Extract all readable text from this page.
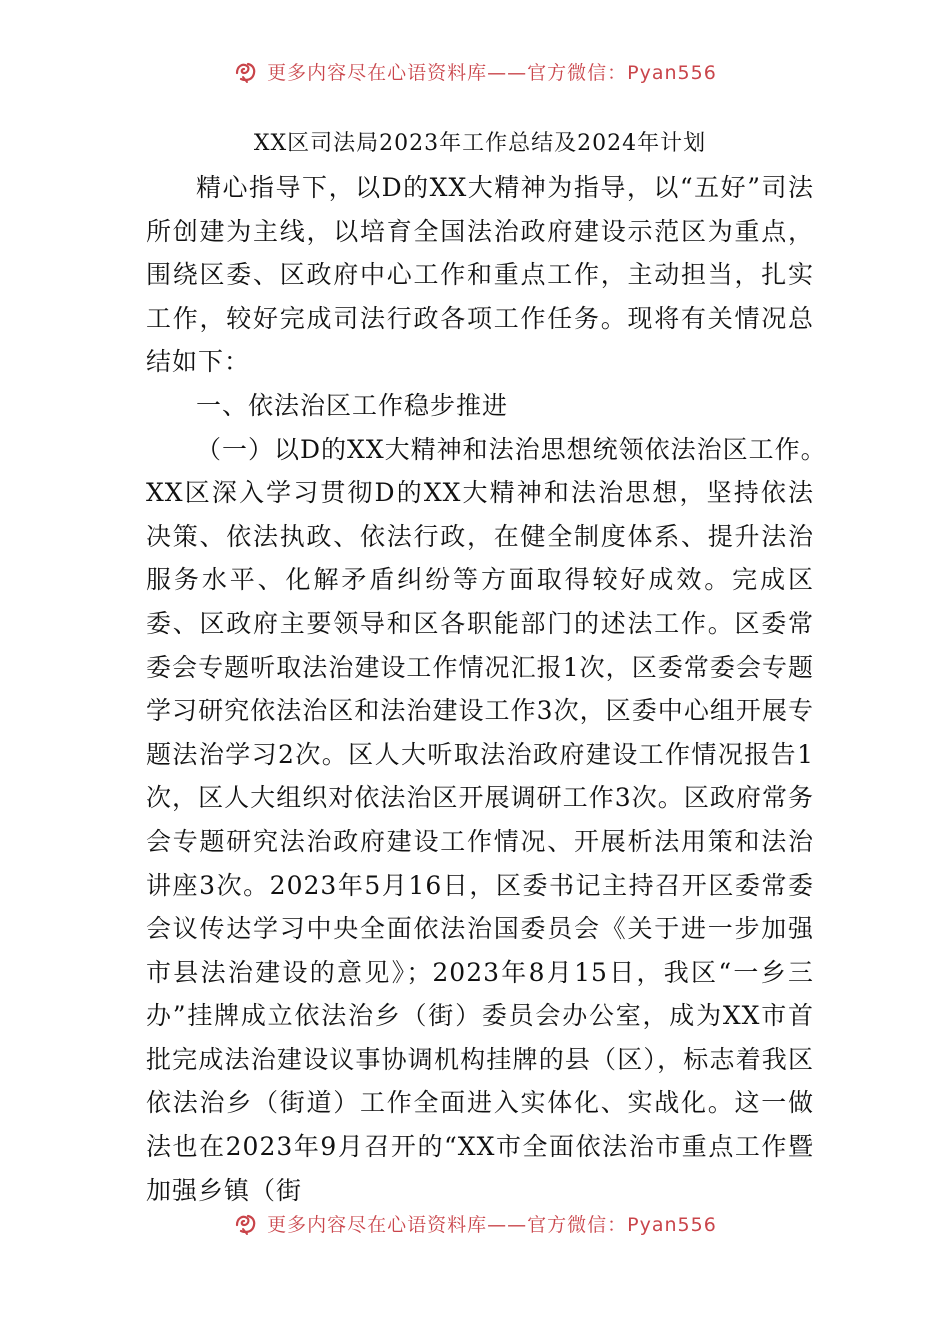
更多内容尽在心语资料库——官方微信：Pyan556
XX区司法局2023年工作总结及2024年计划

精心指导下，以D的XX大精神为指导，以“五好”司法所创建为主线，以培育全国法治政府建设示范区为重点，围绕区委、区政府中心工作和重点工作，主动担当，扎实工作，较好完成司法行政各项工作任务。现将有关情况总结如下：

一、依法治区工作稳步推进

（一）以D的XX大精神和法治思想统领依法治区工作。

XX区深入学习贯彻D的XX大精神和法治思想，坚持依法决策、依法执政、依法行政，在健全制度体系、提升法治服务水平、化解矛盾纠纷等方面取得较好成效。完成区委、区政府主要领导和区各职能部门的述法工作。区委常委会专题听取法治建设工作情况汇报1次，区委常委会专题学习研究依法治区和法治建设工作3次，区委中心组开展专题法治学习2次。区人大听取法治政府建设工作情况报告1次，区人大组织对依法治区开展调研工作3次。区政府常务会专题研究法治政府建设工作情况、开展析法用策和法治讲座3次。2023年5月16日，区委书记主持召开区委常委会议传达学习中央全面依法治国委员会《关于进一步加强市县法治建设的意见》；2023年8月15日，我区“一乡三办”挂牌成立依法治乡（街）委员会办公室，成为XX市首批完成法治建设议事协调机构挂牌的县（区），标志着我区依法治乡（街道）工作全面进入实体化、实战化。这一做法也在2023年9月召开的“XX市全面依法治市重点工作暨加强乡镇（街

更多内容尽在心语资料库——官方微信：Pyan556
